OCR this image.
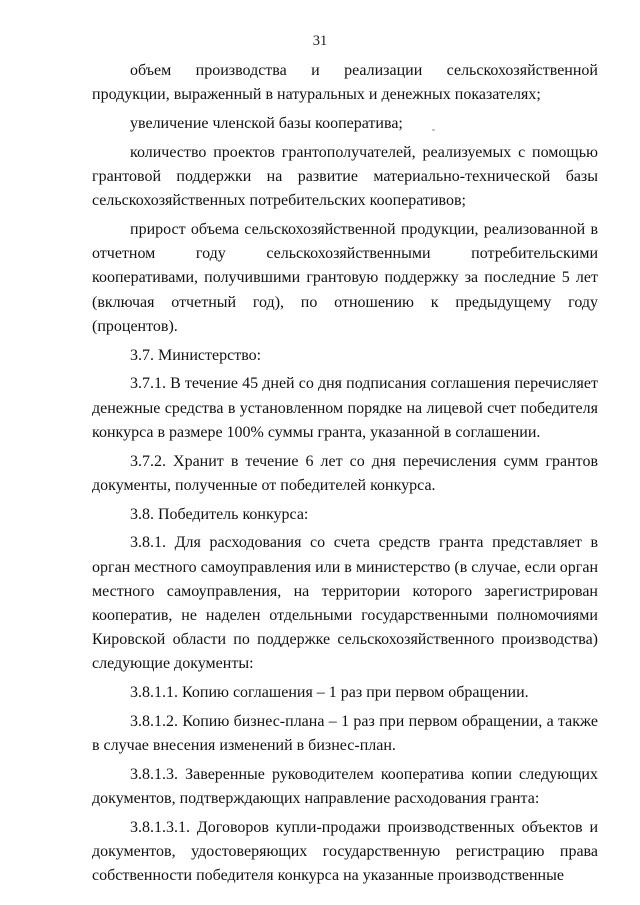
31

объем производства и реализации сельскохозяйственной продукции, выраженный в натуральных и денежных показателях;

увеличение членской базы кооператива;

количество проектов грантополучателей, реализуемых с помощью грантовой поддержки на развитие материально-технической базы сельскохозяйственных потребительских кооперативов;

прирост объема сельскохозяйственной продукции, реализованной в отчетном году сельскохозяйственными потребительскими кооперативами, получившими грантовую поддержку за последние 5 лет (включая отчетный год), по отношению к предыдущему году (процентов).

3.7. Министерство:

3.7.1. В течение 45 дней со дня подписания соглашения перечисляет денежные средства в установленном порядке на лицевой счет победителя конкурса в размере 100% суммы гранта, указанной в соглашении.

3.7.2. Хранит в течение 6 лет со дня перечисления сумм грантов документы, полученные от победителей конкурса.

3.8. Победитель конкурса:

3.8.1. Для расходования со счета средств гранта представляет в орган местного самоуправления или в министерство (в случае, если орган местного самоуправления, на территории которого зарегистрирован кооператив, не наделен отдельными государственными полномочиями Кировской области по поддержке сельскохозяйственного производства) следующие документы:

3.8.1.1. Копию соглашения – 1 раз при первом обращении.

3.8.1.2. Копию бизнес-плана – 1 раз при первом обращении, а также в случае внесения изменений в бизнес-план.

3.8.1.3. Заверенные руководителем кооператива копии следующих документов, подтверждающих направление расходования гранта:

3.8.1.3.1. Договоров купли-продажи производственных объектов и документов, удостоверяющих государственную регистрацию права собственности победителя конкурса на указанные производственные
